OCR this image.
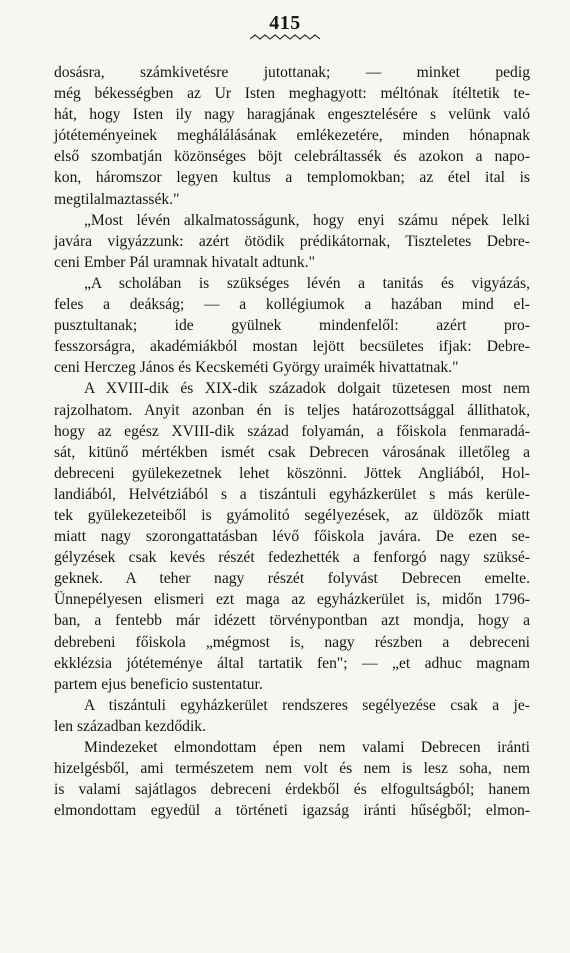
415
dosásra, számkivetésre jutottanak; — minket pedig
még békességben az Ur Isten meghagyott: méltónak ítéltetik te-
hát, hogy Isten ily nagy haragjának engesztelésére s velünk való
jótéteményeinek meghálálásának emlékezetére, minden hónapnak
első szombatján közönséges böjt celebráltassék és azokon a napo-
kon, háromszor legyen kultus a templomokban; az étel ital is
megtilalmaztassék."
„Most lévén alkalmatosságunk, hogy enyi számu népek lelki
javára vigyázzunk: azért ötödik prédikátornak, Tiszteletes Debre-
ceni Ember Pál uramnak hivatalt adtunk."
„A scholában is szükséges lévén a tanitás és vigyázás,
feles a deákság; — a kollégiumok a hazában mind el-
pusztultanak; ide gyülnek mindenfelől: azért pro-
fesszorságra, akadémiákból mostan lejött becsületes ifjak: Debre-
ceni Herczeg János és Kecskeméti György uraimék hivattatnak."
A XVIII-dik és XIX-dik századok dolgait tüzetesen most nem
rajzolhatom. Anyit azonban én is teljes határozottsággal állithatok,
hogy az egész XVIII-dik század folyamán, a főiskola fenmaradá-
sát, kitünő mértékben ismét csak Debrecen városának illetőleg a
debreceni gyülekezetnek lehet köszönni. Jöttek Angliából, Hol-
landiából, Helvétziából s a tiszántuli egyházkerület s más kerüle-
tek gyülekezeteiből is gyámolitó segélyezések, az üldözők miatt
miatt nagy szorongattatásban lévő főiskola javára. De ezen se-
gélyzések csak kevés részét fedezhették a fenforgó nagy szüksé-
geknek. A teher nagy részét folyvást Debrecen emelte.
Ünnepélyesen elismeri ezt maga az egyházkerület is, midőn 1796-
ban, a fentebb már idézett törvénypontban azt mondja, hogy a
debrebeni főiskola „mégmost is, nagy részben a debreceni
ekklézsia jótéteménye által tartatik fen"; — „et adhuc magnam
partem ejus beneficio sustentatur.
A tiszántuli egyházkerület rendszeres segélyezése csak a je-
len században kezdődik.
Mindezeket elmondottam épen nem valami Debrecen iránti
hizelgésből, ami természetem nem volt és nem is lesz soha, nem
is valami sajátlagos debreceni érdekből és elfogultságból; hanem
elmondottam egyedül a történeti igazság iránti hűségből; elmon-
